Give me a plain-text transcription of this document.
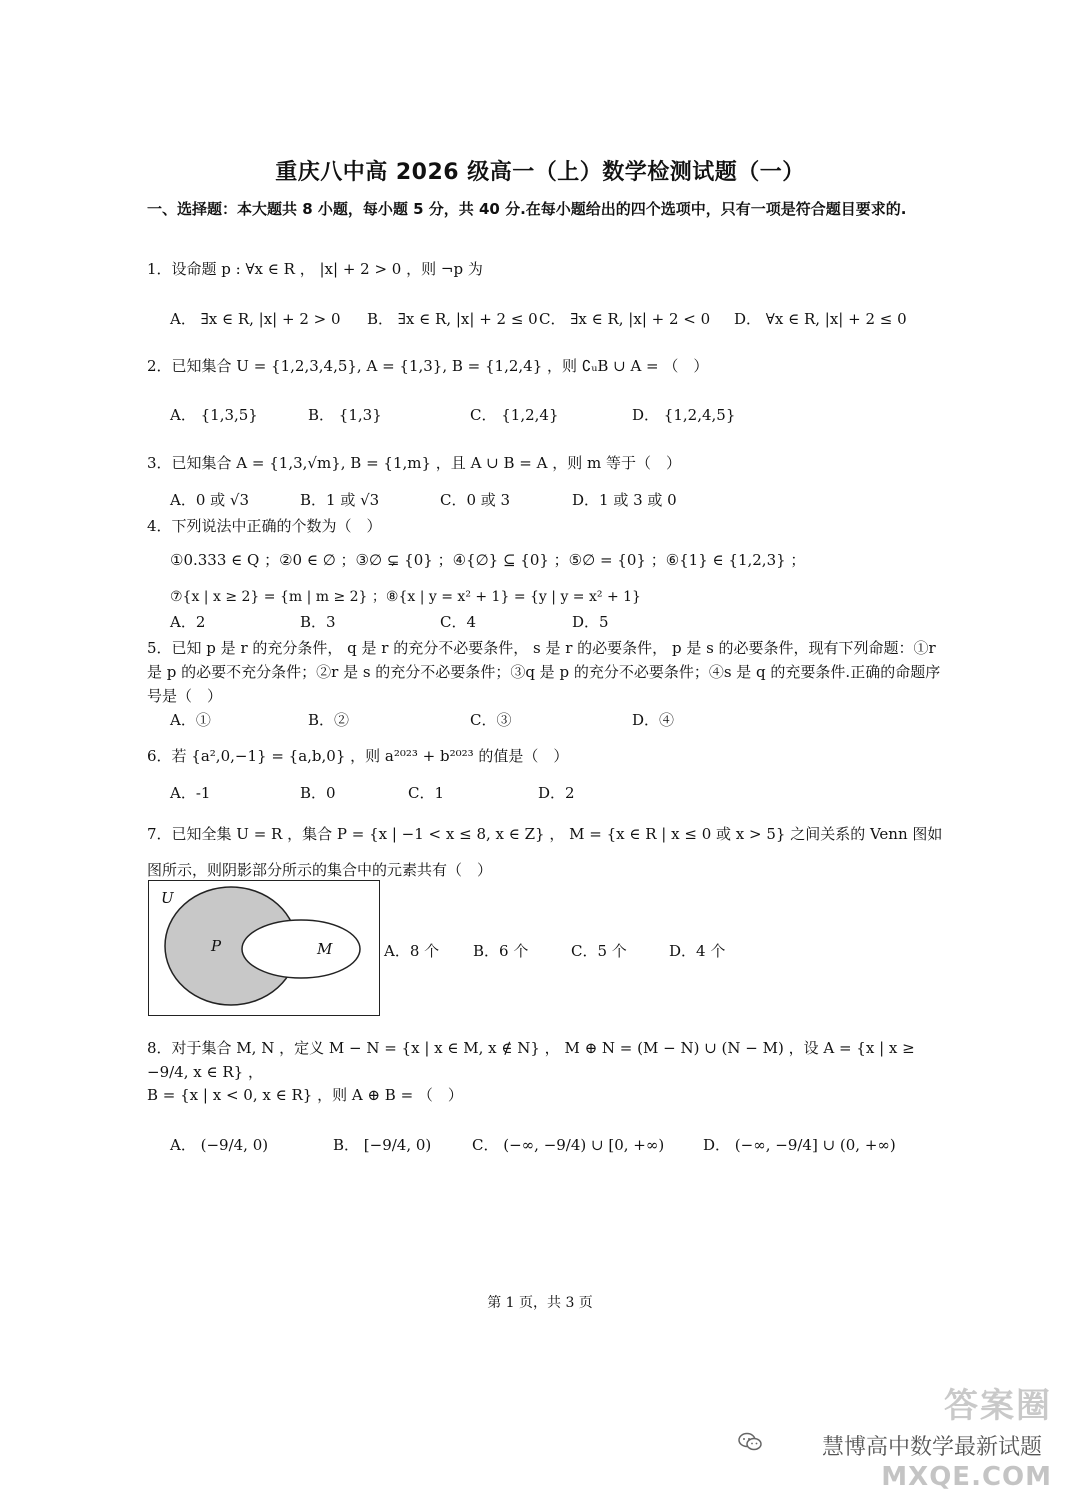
重庆八中高 2026 级高一（上）数学检测试题（一）
一、选择题：本大题共 8 小题，每小题 5 分，共 40 分.在每小题给出的四个选项中，只有一项是符合题目要求的.
1．设命题 p : ∀x ∈ R ， |x| + 2 > 0 ，则 ¬p 为
A． ∃x ∈ R, |x| + 2 > 0 B． ∃x ∈ R, |x| + 2 ≤ 0 C． ∃x ∈ R, |x| + 2 < 0 D． ∀x ∈ R, |x| + 2 ≤ 0
2．已知集合 U = {1,2,3,4,5}, A = {1,3}, B = {1,2,4} ，则 ∁ᵤB ∪ A = （　）
A． {1,3,5}	B． {1,3}	C． {1,2,4}	D． {1,2,4,5}
3．已知集合 A = {1,3,√m}, B = {1,m} ，且 A ∪ B = A ，则 m 等于（　）
A．0 或 √3	B．1 或 √3	C．0 或 3	D．1 或 3 或 0
4．下列说法中正确的个数为（　）
①0.333 ∈ Q ；②0 ∈ ∅ ；③∅ ⊊ {0} ；④{∅} ⊆ {0} ；⑤∅ = {0} ；⑥{1} ∈ {1,2,3} ；
⑦{x | x ≥ 2} = {m | m ≥ 2} ；⑧{x | y = x² + 1} = {y | y = x² + 1}
A．2	B．3	C．4	D．5
5．已知 p 是 r 的充分条件， q 是 r 的充分不必要条件， s 是 r 的必要条件， p 是 s 的必要条件，现有下列命题：①r 是 p 的必要不充分条件；②r 是 s 的充分不必要条件；③q 是 p 的充分不必要条件；④s 是 q 的充要条件.正确的命题序号是（　）
A．①	B．②	C．③	D．④
6．若 {a²,0,−1} = {a,b,0} ，则 a²⁰²³ + b²⁰²³ 的值是（　）
A．-1	B．0	C．1	D．2
7．已知全集 U = R ，集合 P = {x | −1 < x ≤ 8, x ∈ Z} ， M = {x ∈ R | x ≤ 0 或 x > 5} 之间关系的 Venn 图如图所示，则阴影部分所示的集合中的元素共有（　）
U
P	M	A．8 个 B．6 个	C．5 个	D．4 个
8．对于集合 M, N ，定义 M − N = {x | x ∈ M, x ∉ N} ， M ⊕ N = (M − N) ∪ (N − M) ，设 A = {x | x ≥ −9/4, x ∈ R} ，
B = {x | x < 0, x ∈ R} ，则 A ⊕ B = （　）
A． (−9/4, 0)	B． [−9/4, 0)	C． (−∞, −9/4) ∪ [0, +∞)	D． (−∞, −9/4] ∪ (0, +∞)
第 1 页，共 3 页
答案圈
慧博高中数学最新试题
MXQE.COM
